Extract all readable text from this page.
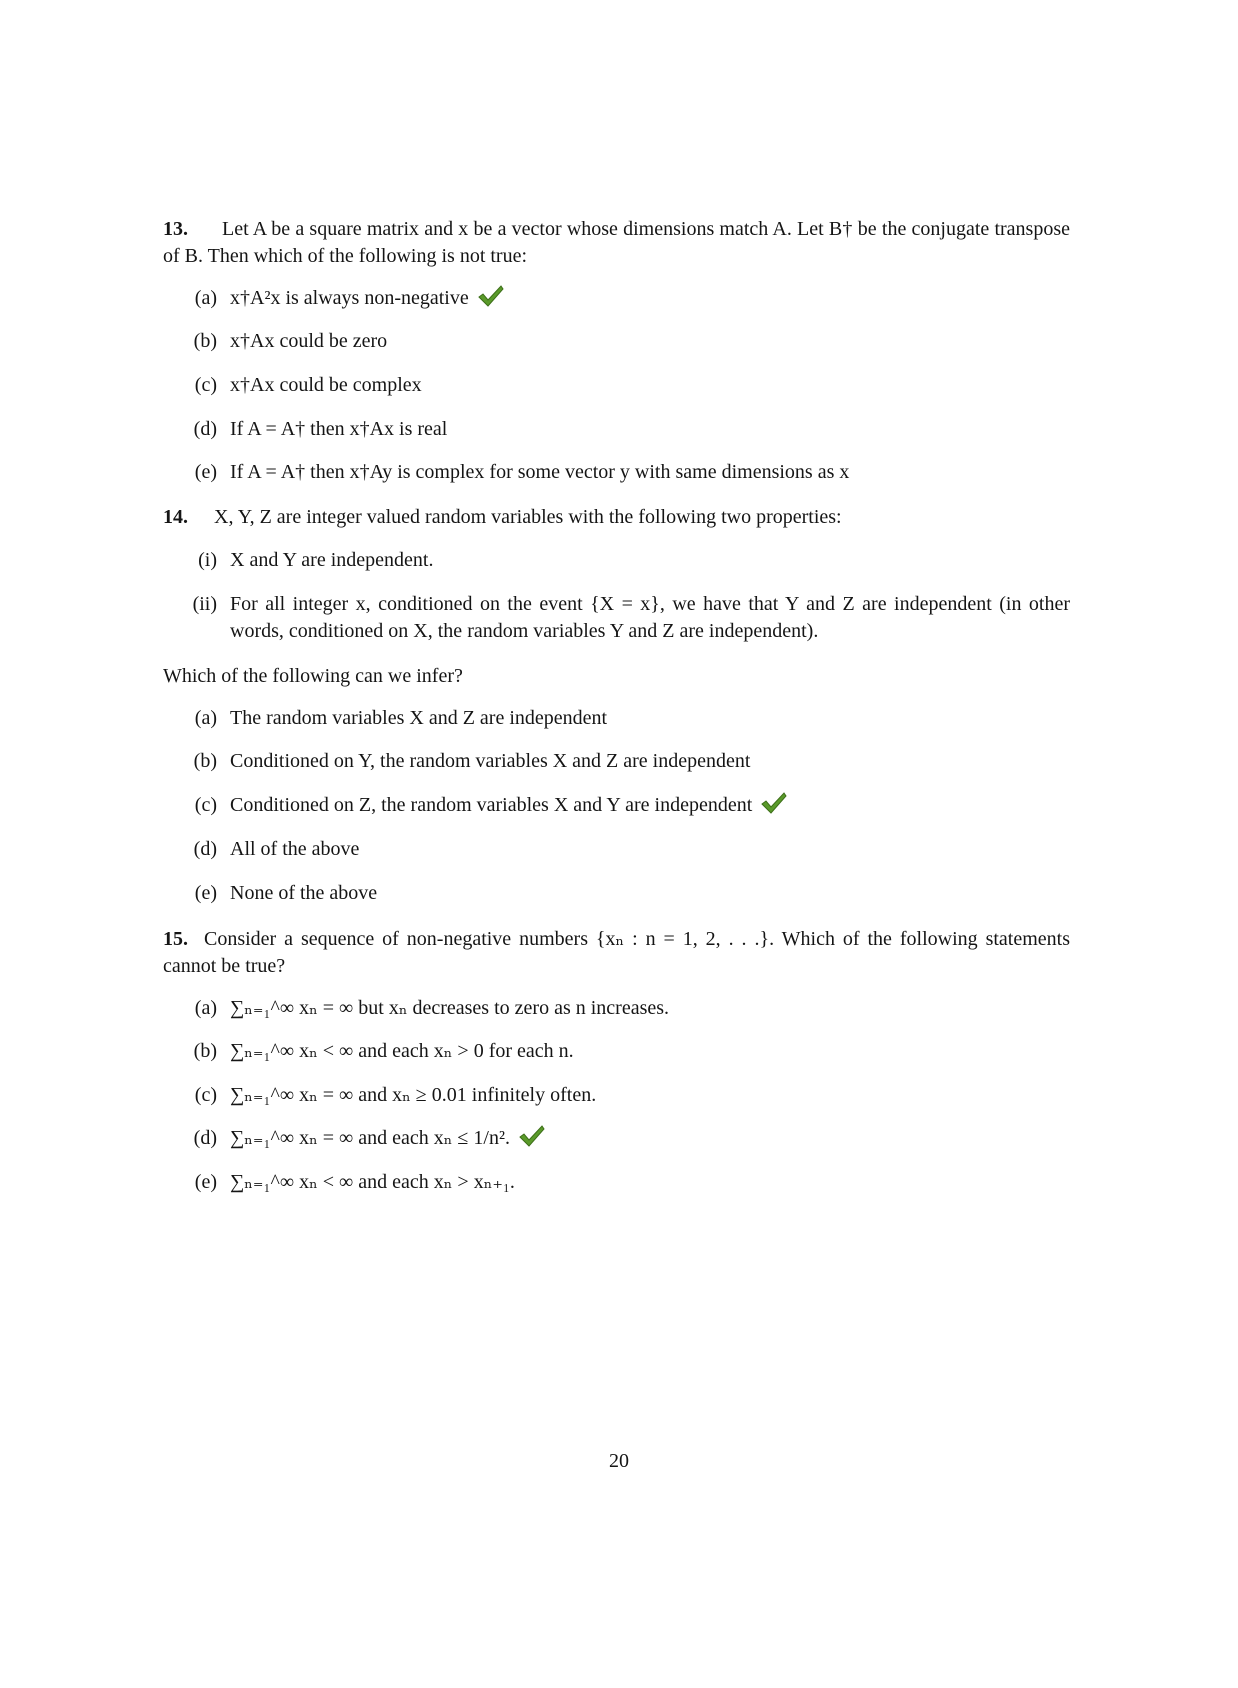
13. Let A be a square matrix and x be a vector whose dimensions match A. Let B† be the conjugate transpose of B. Then which of the following is not true:
(a) x†A²x is always non-negative
(b) x†Ax could be zero
(c) x†Ax could be complex
(d) If A = A† then x†Ax is real
(e) If A = A† then x†Ay is complex for some vector y with same dimensions as x
14. X, Y, Z are integer valued random variables with the following two properties:
(i) X and Y are independent.
(ii) For all integer x, conditioned on the event {X = x}, we have that Y and Z are independent (in other words, conditioned on X, the random variables Y and Z are independent).
Which of the following can we infer?
(a) The random variables X and Z are independent
(b) Conditioned on Y, the random variables X and Z are independent
(c) Conditioned on Z, the random variables X and Y are independent
(d) All of the above
(e) None of the above
15. Consider a sequence of non-negative numbers {xₙ : n = 1, 2, . . .}. Which of the following statements cannot be true?
(a) ∑ₙ₌₁^∞ xₙ = ∞ but xₙ decreases to zero as n increases.
(b) ∑ₙ₌₁^∞ xₙ < ∞ and each xₙ > 0 for each n.
(c) ∑ₙ₌₁^∞ xₙ = ∞ and xₙ ≥ 0.01 infinitely often.
(d) ∑ₙ₌₁^∞ xₙ = ∞ and each xₙ ≤ 1/n².
(e) ∑ₙ₌₁^∞ xₙ < ∞ and each xₙ > xₙ₊₁.
20
